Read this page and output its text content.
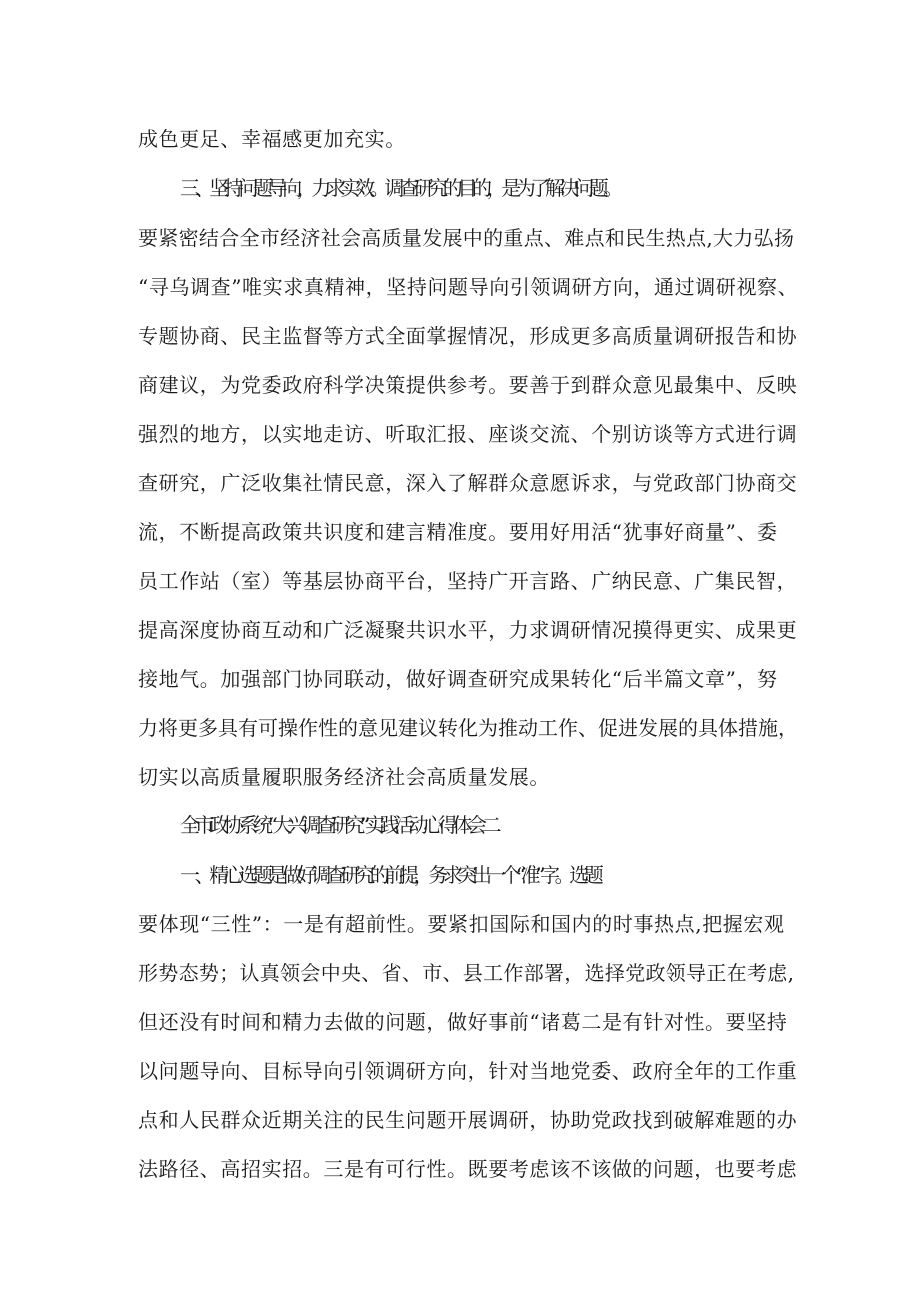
成色更足、幸福感更加充实。
三、坚持问题导向，力求实效。调查研究的目的，是为了解决问题。
要紧密结合全市经济社会高质量发展中的重点、难点和民生热点,大力弘扬
“寻乌调查”唯实求真精神，坚持问题导向引领调研方向，通过调研视察、
专题协商、民主监督等方式全面掌握情况，形成更多高质量调研报告和协
商建议，为党委政府科学决策提供参考。要善于到群众意见最集中、反映
强烈的地方，以实地走访、听取汇报、座谈交流、个别访谈等方式进行调
查研究，广泛收集社情民意，深入了解群众意愿诉求，与党政部门协商交
流，不断提高政策共识度和建言精准度。要用好用活“犹事好商量”、委
员工作站（室）等基层协商平台，坚持广开言路、广纳民意、广集民智，
提高深度协商互动和广泛凝聚共识水平，力求调研情况摸得更实、成果更
接地气。加强部门协同联动，做好调查研究成果转化“后半篇文章”，努
力将更多具有可操作性的意见建议转化为推动工作、促进发展的具体措施，
切实以高质量履职服务经济社会高质量发展。
全市政协系统“大兴调查研究”实践活动心得体会二
一、精心选题是做好调查研究的前提，务求突出一个“准”字。选题
要体现“三性”：一是有超前性。要紧扣国际和国内的时事热点,把握宏观
形势态势；认真领会中央、省、市、县工作部署，选择党政领导正在考虑,
但还没有时间和精力去做的问题，做好事前“诸葛二是有针对性。要坚持
以问题导向、目标导向引领调研方向，针对当地党委、政府全年的工作重
点和人民群众近期关注的民生问题开展调研，协助党政找到破解难题的办
法路径、高招实招。三是有可行性。既要考虑该不该做的问题，也要考虑
